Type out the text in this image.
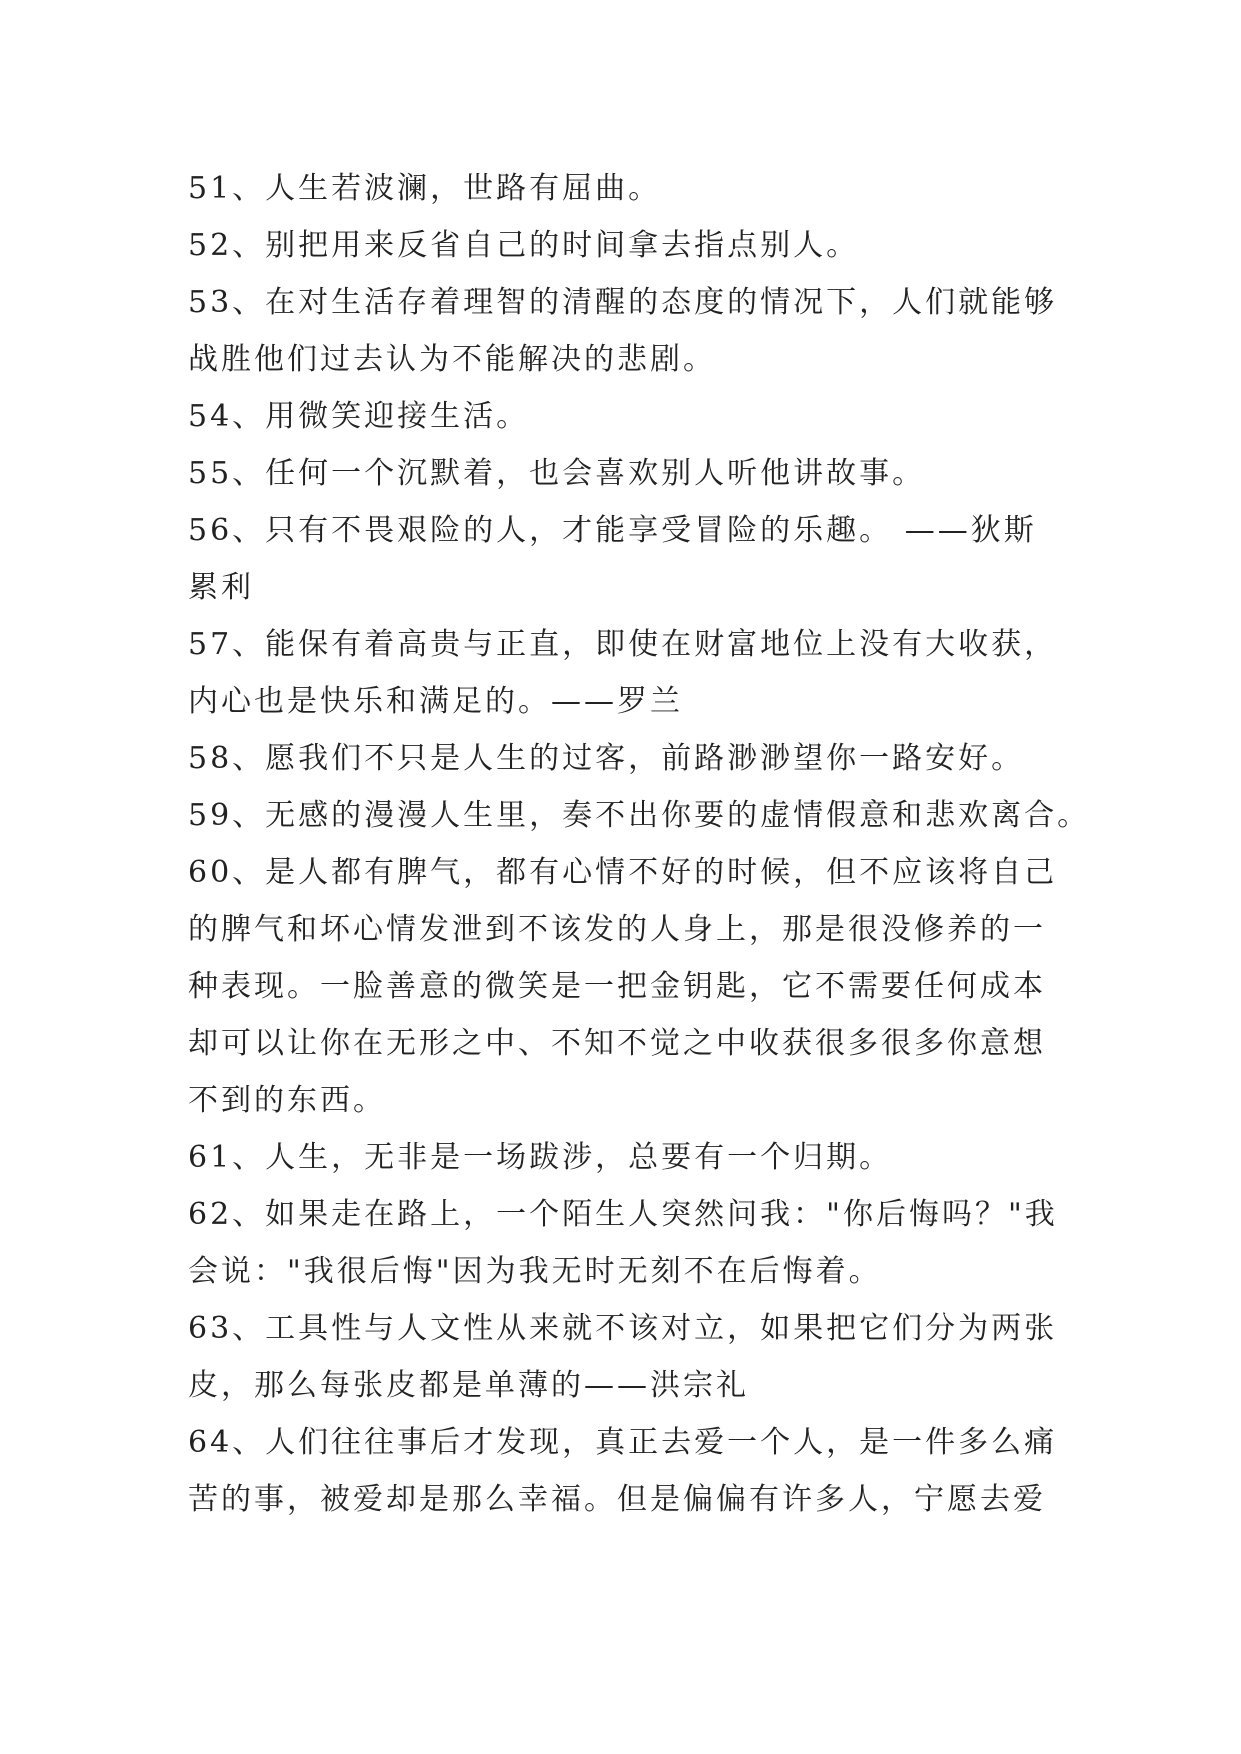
51、人生若波澜，世路有屈曲。
52、别把用来反省自己的时间拿去指点别人。
53、在对生活存着理智的清醒的态度的情况下，人们就能够
战胜他们过去认为不能解决的悲剧。
54、用微笑迎接生活。
55、任何一个沉默着，也会喜欢别人听他讲故事。
56、只有不畏艰险的人，才能享受冒险的乐趣。 ——狄斯
累利
57、能保有着高贵与正直，即使在财富地位上没有大收获，
内心也是快乐和满足的。——罗兰
58、愿我们不只是人生的过客，前路渺渺望你一路安好。
59、无感的漫漫人生里，奏不出你要的虚情假意和悲欢离合。
60、是人都有脾气，都有心情不好的时候，但不应该将自己
的脾气和坏心情发泄到不该发的人身上，那是很没修养的一
种表现。一脸善意的微笑是一把金钥匙，它不需要任何成本
却可以让你在无形之中、不知不觉之中收获很多很多你意想
不到的东西。
61、人生，无非是一场跋涉，总要有一个归期。
62、如果走在路上，一个陌生人突然问我："你后悔吗？"我
会说："我很后悔"因为我无时无刻不在后悔着。
63、工具性与人文性从来就不该对立，如果把它们分为两张
皮，那么每张皮都是单薄的——洪宗礼
64、人们往往事后才发现，真正去爱一个人，是一件多么痛
苦的事，被爱却是那么幸福。但是偏偏有许多人，宁愿去爱
